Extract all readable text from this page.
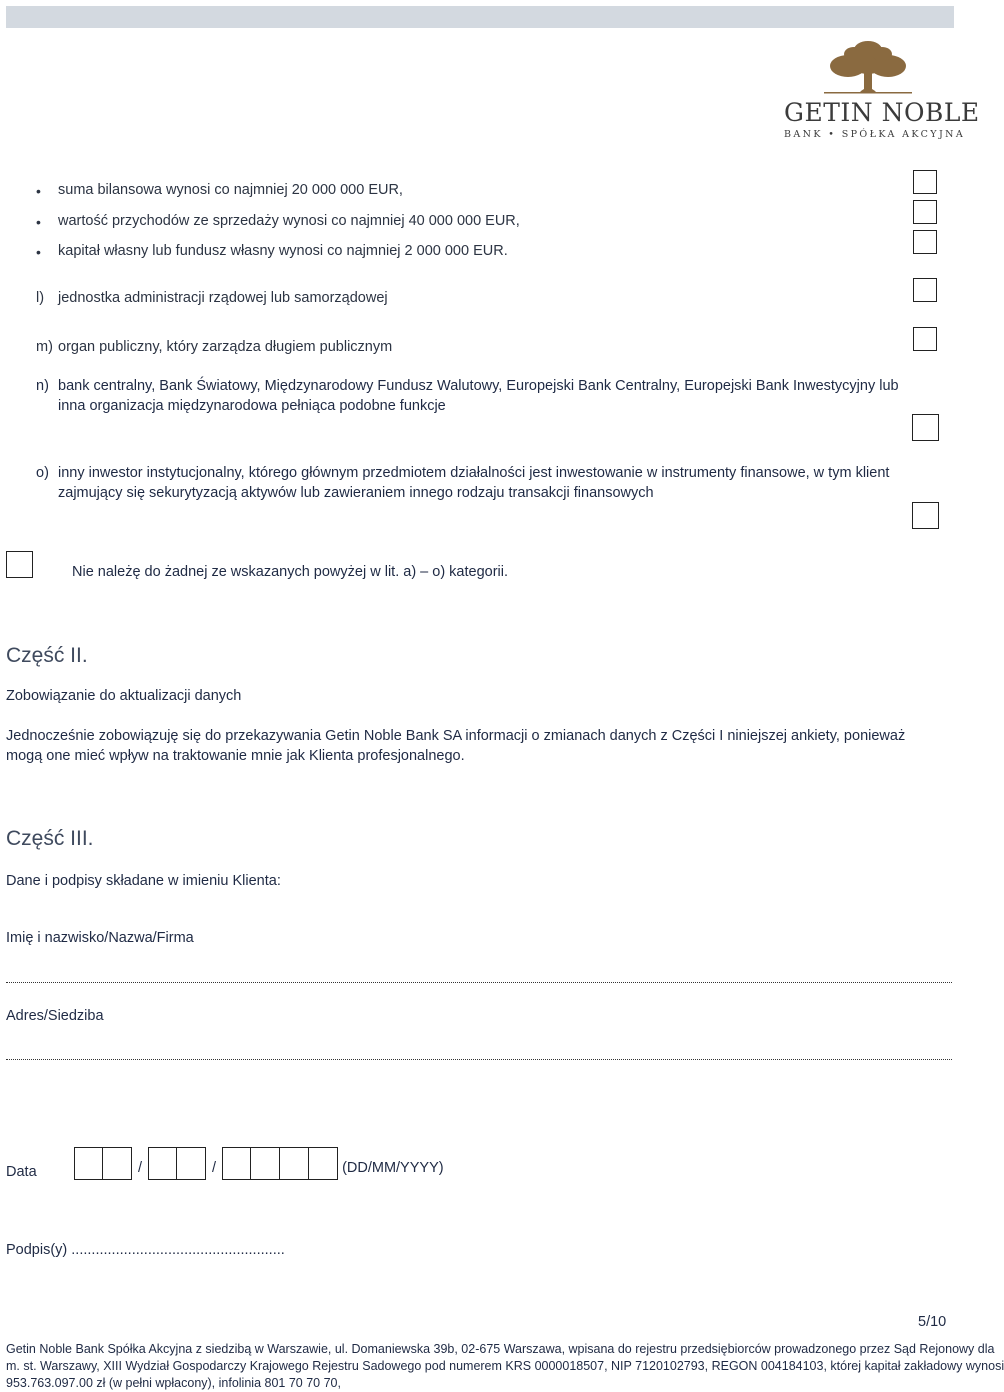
GETIN NOBLE
BANK • SPÓŁKA AKCYJNA
• suma bilansowa wynosi co najmniej 20 000 000 EUR,
• wartość przychodów ze sprzedaży wynosi co najmniej 40 000 000 EUR,
• kapitał własny lub fundusz własny wynosi co najmniej 2 000 000 EUR.
l) jednostka administracji rządowej lub samorządowej
m) organ publiczny, który zarządza długiem publicznym
n) bank centralny, Bank Światowy, Międzynarodowy Fundusz Walutowy, Europejski Bank Centralny, Europejski Bank Inwestycyjny lub
inna organizacja międzynarodowa pełniąca podobne funkcje
o) inny inwestor instytucjonalny, którego głównym przedmiotem działalności jest inwestowanie w instrumenty finansowe, w tym klient
zajmujący się sekurytyzacją aktywów lub zawieraniem innego rodzaju transakcji finansowych
Nie należę do żadnej ze wskazanych powyżej w lit. a) – o) kategorii.
Część II.
Zobowiązanie do aktualizacji danych
Jednocześnie zobowiązuję się do przekazywania Getin Noble Bank SA informacji o zmianach danych z Części I niniejszej ankiety, ponieważ
mogą one mieć wpływ na traktowanie mnie jak Klienta profesjonalnego.
Część III.
Dane i podpisy składane w imieniu Klienta:
Imię i nazwisko/Nazwa/Firma
Adres/Siedziba
Data	/	/	(DD/MM/YYYY)
Podpis(y) .....................................................
5/10
Getin Noble Bank Spółka Akcyjna z siedzibą w Warszawie, ul. Domaniewska 39b, 02-675 Warszawa, wpisana do rejestru przedsiębiorców prowadzonego przez Sąd Rejonowy dla
m. st. Warszawy, XIII Wydział Gospodarczy Krajowego Rejestru Sadowego pod numerem KRS 0000018507, NIP 7120102793, REGON 004184103, której kapitał zakładowy wynosi
953.763.097.00 zł (w pełni wpłacony), infolinia 801 70 70 70,
